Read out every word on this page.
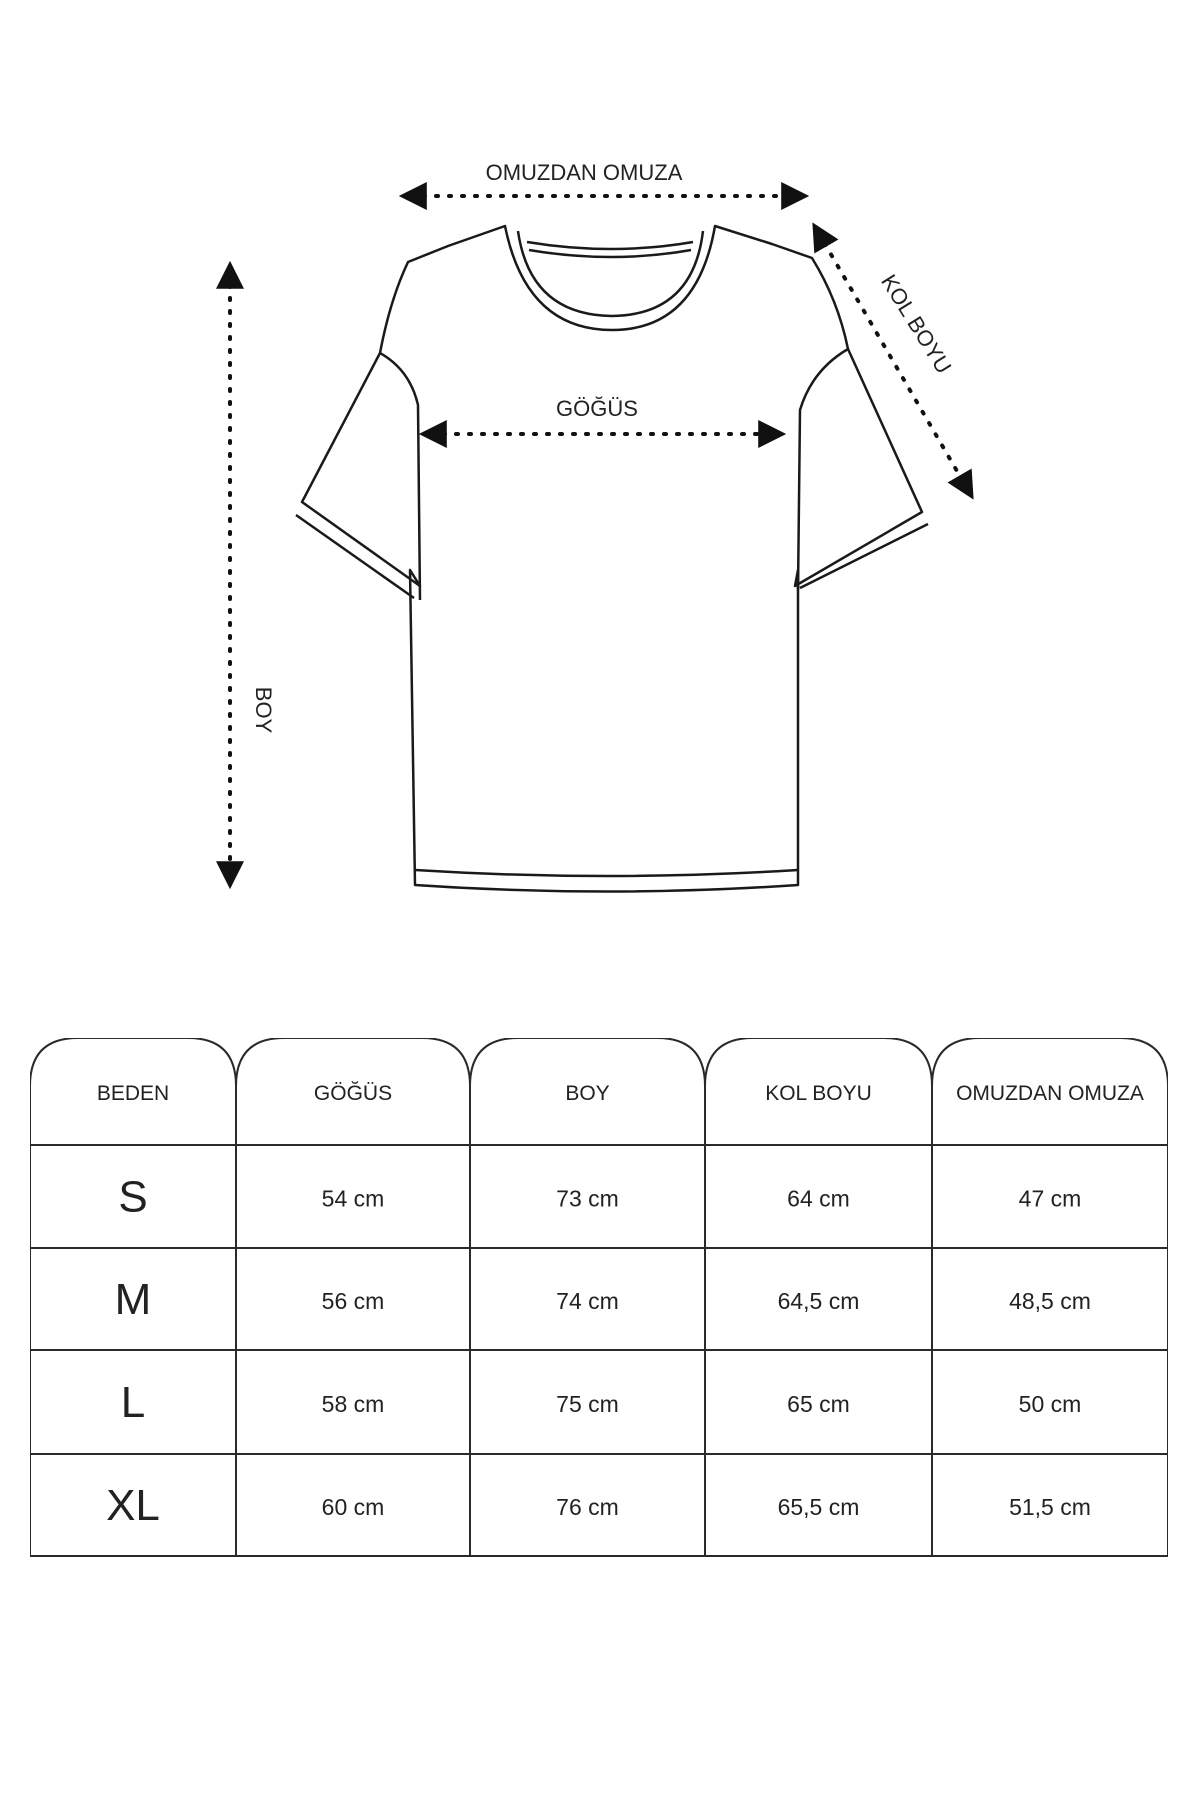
OMUZDAN OMUZA
GÖĞÜS
BOY
KOL BOYU
BEDEN	GÖĞÜS	BOY	KOL BOYU	OMUZDAN OMUZA
S	54 cm	73 cm	64 cm	47 cm
M	56 cm	74 cm	64,5 cm	48,5 cm
L	58 cm	75 cm	65 cm	50 cm
XL	60 cm	76 cm	65,5 cm	51,5 cm
